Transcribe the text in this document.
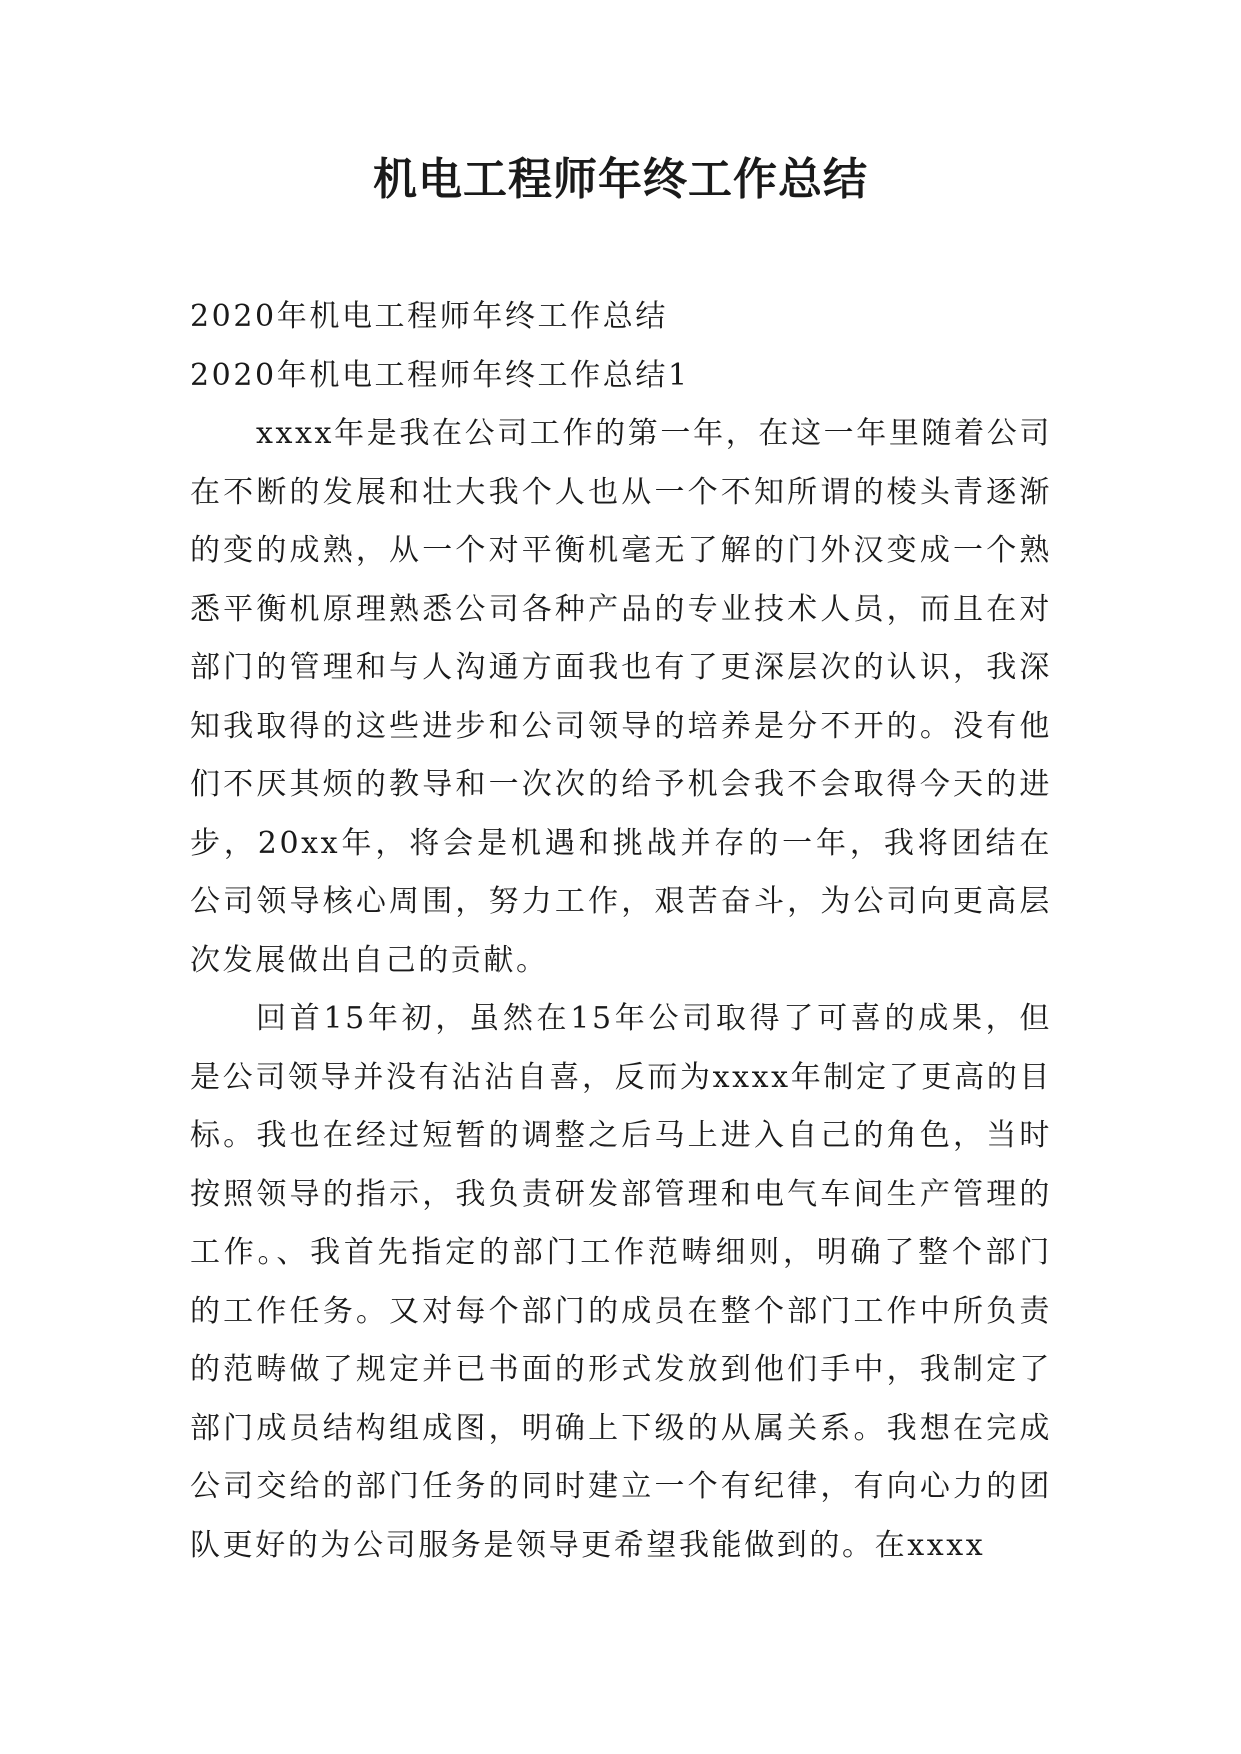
机电工程师年终工作总结

2020年机电工程师年终工作总结

2020年机电工程师年终工作总结1

xxxx年是我在公司工作的第一年，在这一年里随着公司在不断的发展和壮大我个人也从一个不知所谓的棱头青逐渐的变的成熟，从一个对平衡机毫无了解的门外汉变成一个熟悉平衡机原理熟悉公司各种产品的专业技术人员，而且在对部门的管理和与人沟通方面我也有了更深层次的认识，我深知我取得的这些进步和公司领导的培养是分不开的。没有他们不厌其烦的教导和一次次的给予机会我不会取得今天的进步，20xx年，将会是机遇和挑战并存的一年，我将团结在公司领导核心周围，努力工作，艰苦奋斗，为公司向更高层次发展做出自己的贡献。

回首15年初，虽然在15年公司取得了可喜的成果，但是公司领导并没有沾沾自喜，反而为xxxx年制定了更高的目标。我也在经过短暂的调整之后马上进入自己的角色，当时按照领导的指示，我负责研发部管理和电气车间生产管理的工作。、我首先指定的部门工作范畴细则，明确了整个部门的工作任务。又对每个部门的成员在整个部门工作中所负责的范畴做了规定并已书面的形式发放到他们手中，我制定了部门成员结构组成图，明确上下级的从属关系。我想在完成公司交给的部门任务的同时建立一个有纪律，有向心力的团队更好的为公司服务是领导更希望我能做到的。在xxxx
